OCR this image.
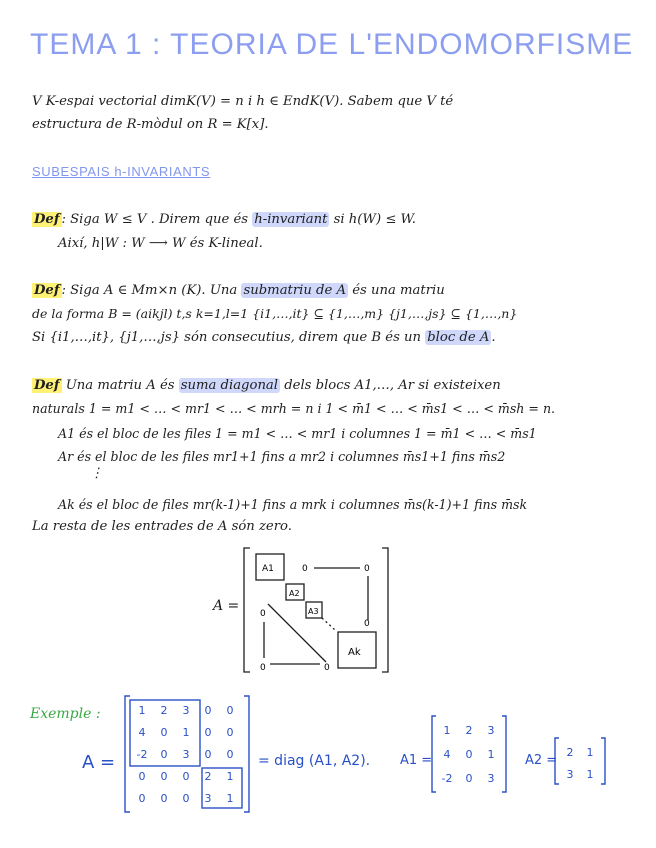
TEMA 1 : TEORIA DE L'ENDOMORFISME
V K-espai vectorial dimK(V) = n i h ∈ EndK(V). Sabem que V té
estructura de R-mòdul on R = K[x].
SUBESPAIS h-INVARIANTS
Def : Siga W ≤ V . Direm que és h-invariant si h(W) ≤ W.
Així, h|W : W ⟶ W és K-lineal.
Def : Siga A ∈ Mm×n (K). Una submatriu de A és una matriu
de la forma B = (aikjl) t,s k=1,l=1 {i1,…,it} ⊆ {1,…,m} {j1,…,js} ⊆ {1,…,n}
Si {i1,…,it}, {j1,…,js} són consecutius, direm que B és un bloc de A .
Def Una matriu A és suma diagonal dels blocs A1,…, Ar si existeixen
naturals 1 = m1 < … < mr1 < … < mrh = n i 1 < m̄1 < … < m̄s1 < … < m̄sh = n.
A1 és el bloc de les files 1 = m1 < … < mr1 i columnes 1 = m̄1 < … < m̄s1
Ar és el bloc de les files mr1+1 fins a mr2 i columnes m̄s1+1 fins m̄s2
⋮
Ak és el bloc de files mr(k-1)+1 fins a mrk i columnes m̄s(k-1)+1 fins m̄sk
La resta de les entrades de A són zero.
A =
A1
A2
A3
Ak
0	0
0
0	0
0
Exemple :
A =
1 2 3 0 0
4 0 1 0 0
-2 0 3 0 0
0 0 0 2 1
0 0 0 3 1
= diag (A1, A2). A1 =
1 2 3
4 0 1
-2 0 3
A2 =
2 1
3 1
